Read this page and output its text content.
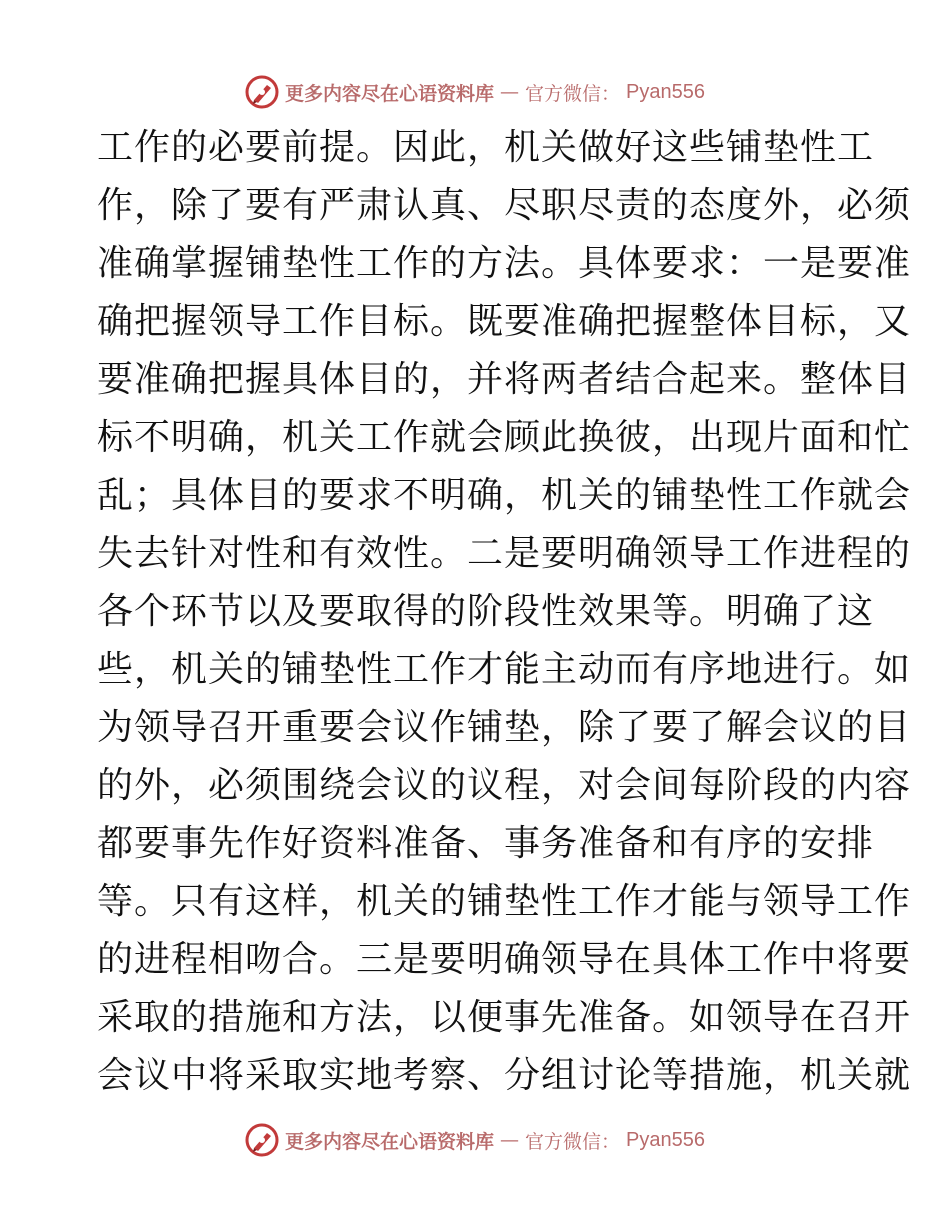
更多内容尽在心语资料库 — 官方微信： Pyan556
工作的必要前提。因此，机关做好这些铺垫性工
作，除了要有严肃认真、尽职尽责的态度外，必须
准确掌握铺垫性工作的方法。具体要求：一是要准
确把握领导工作目标。既要准确把握整体目标，又
要准确把握具体目的，并将两者结合起来。整体目
标不明确，机关工作就会顾此换彼，出现片面和忙
乱；具体目的要求不明确，机关的铺垫性工作就会
失去针对性和有效性。二是要明确领导工作进程的
各个环节以及要取得的阶段性效果等。明确了这
些，机关的铺垫性工作才能主动而有序地进行。如
为领导召开重要会议作铺垫，除了要了解会议的目
的外，必须围绕会议的议程，对会间每阶段的内容
都要事先作好资料准备、事务准备和有序的安排
等。只有这样，机关的铺垫性工作才能与领导工作
的进程相吻合。三是要明确领导在具体工作中将要
采取的措施和方法，以便事先准备。如领导在召开
会议中将采取实地考察、分组讨论等措施，机关就
更多内容尽在心语资料库 — 官方微信： Pyan556
